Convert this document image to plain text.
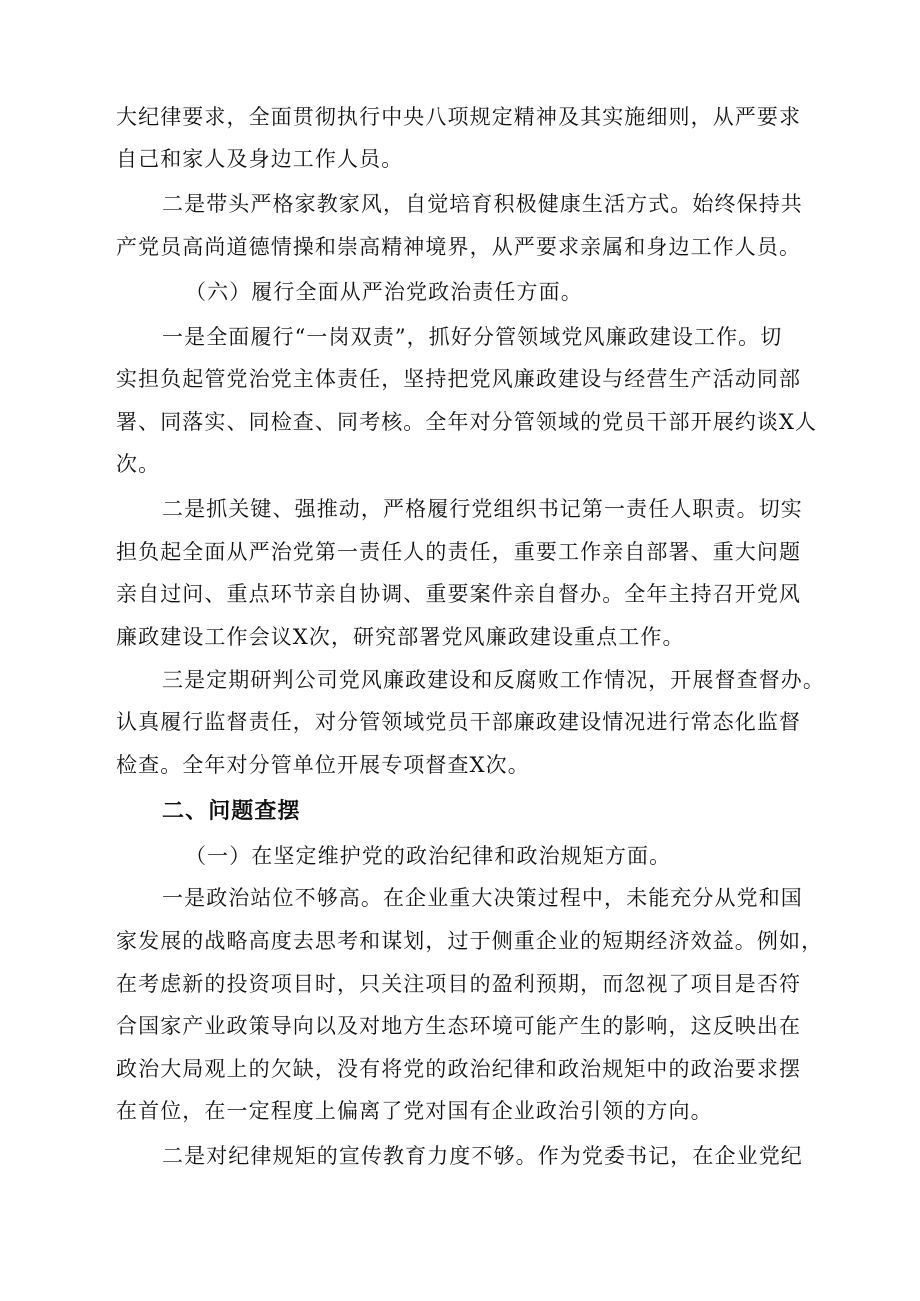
大纪律要求，全面贯彻执行中央八项规定精神及其实施细则，从严要求
自己和家人及身边工作人员。
二是带头严格家教家风，自觉培育积极健康生活方式。始终保持共
产党员高尚道德情操和崇高精神境界，从严要求亲属和身边工作人员。
（六）履行全面从严治党政治责任方面。
一是全面履行“一岗双责”，抓好分管领域党风廉政建设工作。切
实担负起管党治党主体责任，坚持把党风廉政建设与经营生产活动同部
署、同落实、同检查、同考核。全年对分管领域的党员干部开展约谈X人
次。
二是抓关键、强推动，严格履行党组织书记第一责任人职责。切实
担负起全面从严治党第一责任人的责任，重要工作亲自部署、重大问题
亲自过问、重点环节亲自协调、重要案件亲自督办。全年主持召开党风
廉政建设工作会议X次，研究部署党风廉政建设重点工作。
三是定期研判公司党风廉政建设和反腐败工作情况，开展督查督办。
认真履行监督责任，对分管领域党员干部廉政建设情况进行常态化监督
检查。全年对分管单位开展专项督查X次。
二、问题查摆
（一）在坚定维护党的政治纪律和政治规矩方面。
一是政治站位不够高。在企业重大决策过程中，未能充分从党和国
家发展的战略高度去思考和谋划，过于侧重企业的短期经济效益。例如，
在考虑新的投资项目时，只关注项目的盈利预期，而忽视了项目是否符
合国家产业政策导向以及对地方生态环境可能产生的影响，这反映出在
政治大局观上的欠缺，没有将党的政治纪律和政治规矩中的政治要求摆
在首位，在一定程度上偏离了党对国有企业政治引领的方向。
二是对纪律规矩的宣传教育力度不够。作为党委书记，在企业党纪
